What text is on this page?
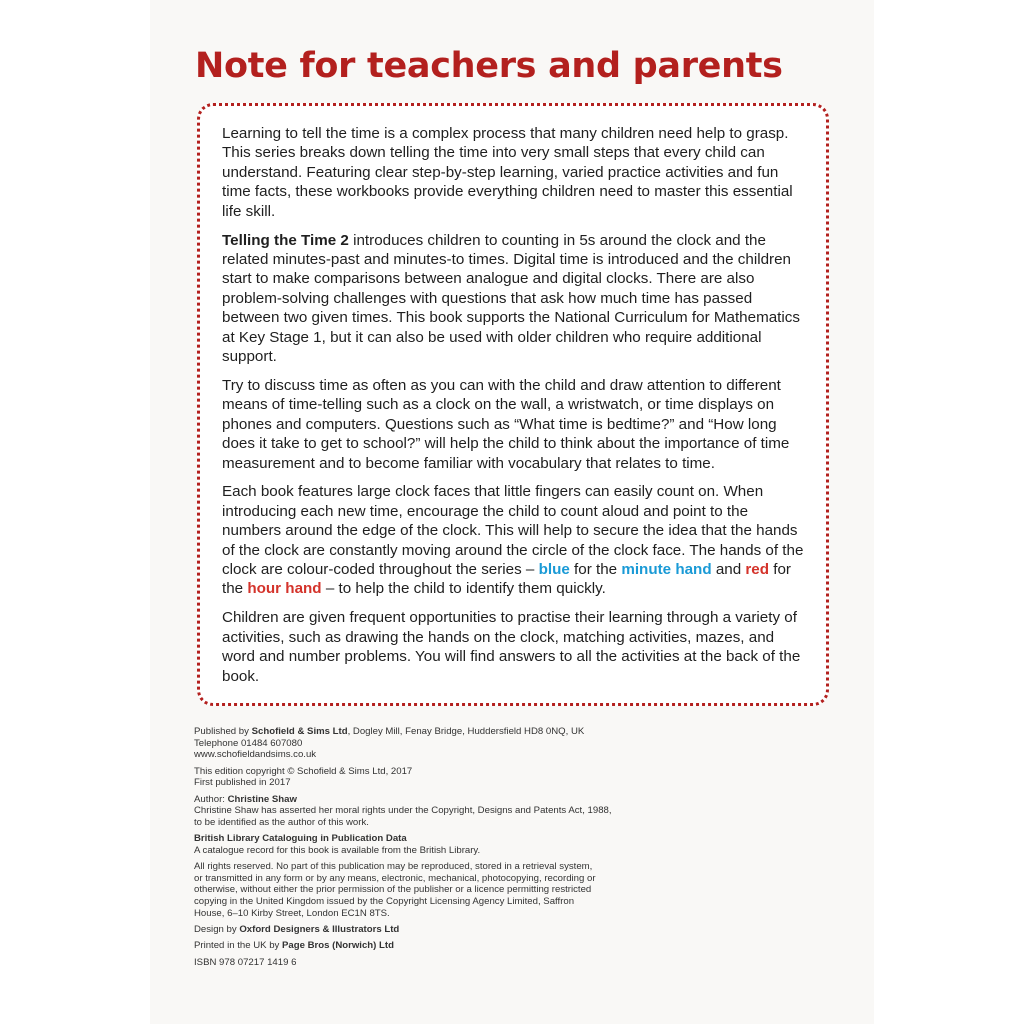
Note for teachers and parents

Learning to tell the time is a complex process that many children need help to grasp. This series breaks down telling the time into very small steps that every child can understand. Featuring clear step-by-step learning, varied practice activities and fun time facts, these workbooks provide everything children need to master this essential life skill.

Telling the Time 2 introduces children to counting in 5s around the clock and the related minutes-past and minutes-to times. Digital time is introduced and the children start to make comparisons between analogue and digital clocks. There are also problem-solving challenges with questions that ask how much time has passed between two given times. This book supports the National Curriculum for Mathematics at Key Stage 1, but it can also be used with older children who require additional support.

Try to discuss time as often as you can with the child and draw attention to different means of time-telling such as a clock on the wall, a wristwatch, or time displays on phones and computers. Questions such as “What time is bedtime?” and “How long does it take to get to school?” will help the child to think about the importance of time measurement and to become familiar with vocabulary that relates to time.

Each book features large clock faces that little fingers can easily count on. When introducing each new time, encourage the child to count aloud and point to the numbers around the edge of the clock. This will help to secure the idea that the hands of the clock are constantly moving around the circle of the clock face. The hands of the clock are colour-coded throughout the series – blue for the minute hand and red for the hour hand – to help the child to identify them quickly.

Children are given frequent opportunities to practise their learning through a variety of activities, such as drawing the hands on the clock, matching activities, mazes, and word and number problems. You will find answers to all the activities at the back of the book.

Published by Schofield & Sims Ltd, Dogley Mill, Fenay Bridge, Huddersfield HD8 0NQ, UK
Telephone 01484 607080
www.schofieldandsims.co.uk
This edition copyright © Schofield & Sims Ltd, 2017
First published in 2017
Author: Christine Shaw
Christine Shaw has asserted her moral rights under the Copyright, Designs and Patents Act, 1988,
to be identified as the author of this work.
British Library Cataloguing in Publication Data
A catalogue record for this book is available from the British Library.
All rights reserved. No part of this publication may be reproduced, stored in a retrieval system,
or transmitted in any form or by any means, electronic, mechanical, photocopying, recording or
otherwise, without either the prior permission of the publisher or a licence permitting restricted
copying in the United Kingdom issued by the Copyright Licensing Agency Limited, Saffron
House, 6–10 Kirby Street, London EC1N 8TS.
Design by Oxford Designers & Illustrators Ltd
Printed in the UK by Page Bros (Norwich) Ltd
ISBN 978 07217 1419 6
